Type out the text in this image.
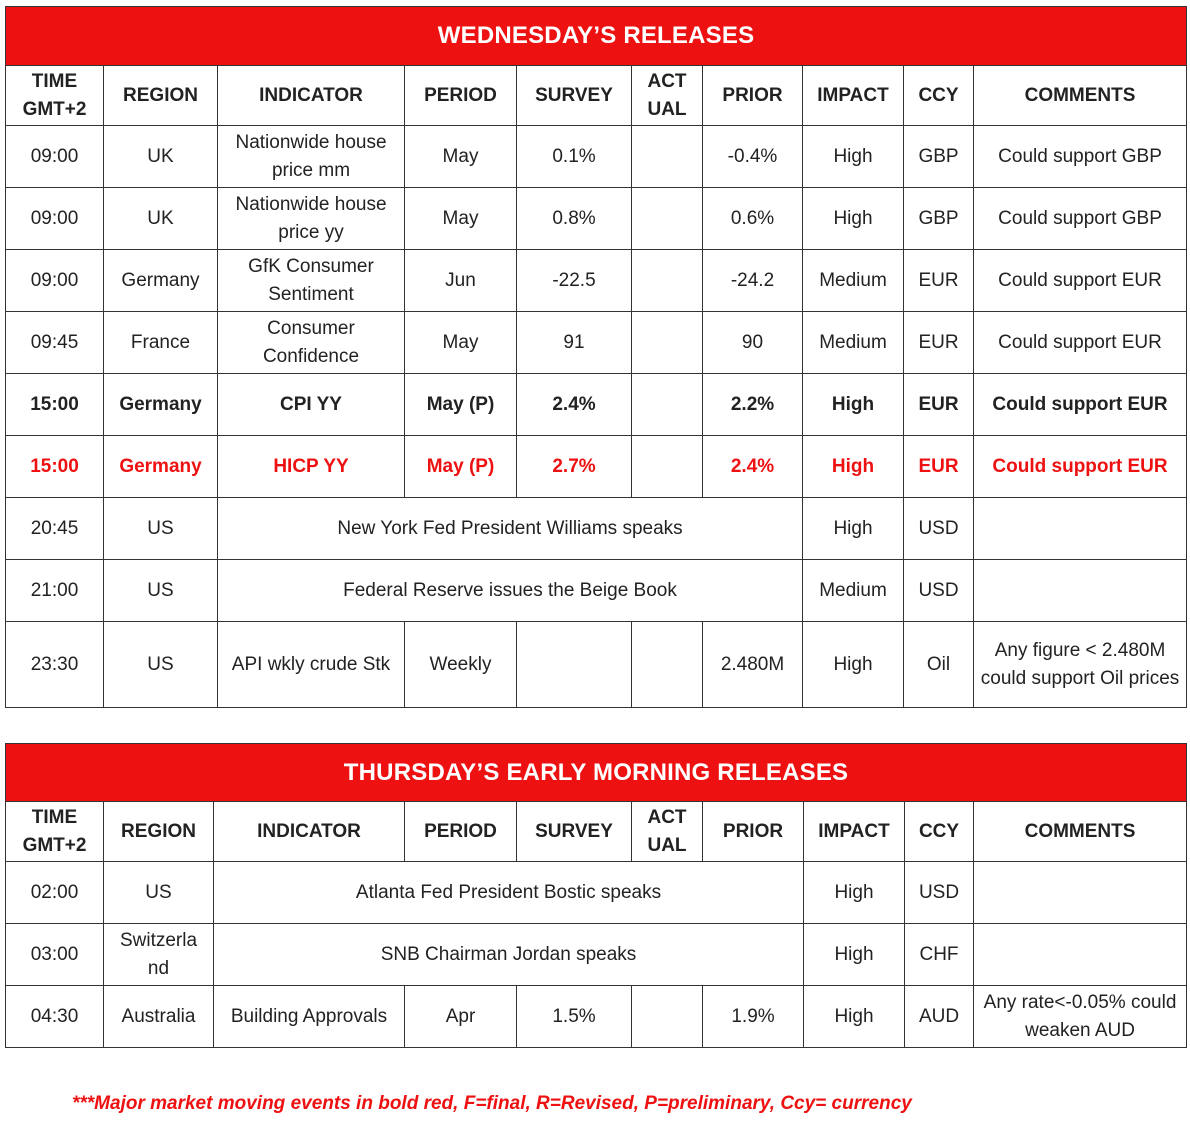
WEDNESDAY’S RELEASES									
TIME GMT+2	REGION	INDICATOR	PERIOD	SURVEY	ACT UAL	PRIOR	IMPACT	CCY	COMMENTS
09:00	UK	Nationwide house price mm	May	0.1%		-0.4%	High	GBP	Could support GBP
09:00	UK	Nationwide house price yy	May	0.8%		0.6%	High	GBP	Could support GBP
09:00	Germany	GfK Consumer Sentiment	Jun	-22.5		-24.2	Medium	EUR	Could support EUR
09:45	France	Consumer Confidence	May	91		90	Medium	EUR	Could support EUR
15:00	Germany	CPI YY	May (P)	2.4%		2.2%	High	EUR	Could support EUR
15:00	Germany	HICP YY	May (P)	2.7%		2.4%	High	EUR	Could support EUR
20:45	US	New York Fed President Williams speaks					High	USD	
21:00	US	Federal Reserve issues the Beige Book					Medium	USD	
23:30	US	API wkly crude Stk	Weekly			2.480M	High	Oil	Any figure < 2.480M could support Oil prices
THURSDAY’S EARLY MORNING RELEASES									
TIME GMT+2	REGION	INDICATOR	PERIOD	SURVEY	ACT UAL	PRIOR	IMPACT	CCY	COMMENTS
02:00	US	Atlanta Fed President Bostic speaks					High	USD	
03:00	Switzerla nd	SNB Chairman Jordan speaks					High	CHF	
04:30	Australia	Building Approvals	Apr	1.5%		1.9%	High	AUD	Any rate<-0.05% could weaken AUD
***Major market moving events in bold red, F=final, R=Revised, P=preliminary, Ccy= currency
